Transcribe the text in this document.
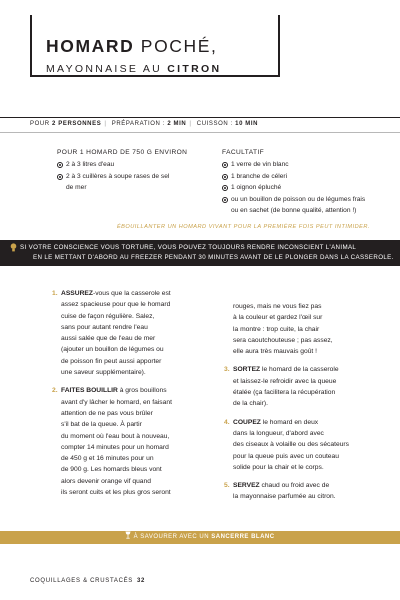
HOMARD POCHÉ,
MAYONNAISE AU CITRON
POUR 2 PERSONNES | PRÉPARATION : 2 MIN | CUISSON : 10 MIN
POUR 1 HOMARD DE 750 G ENVIRON
2 à 3 litres d'eau
2 à 3 cuillères à soupe rases de sel
de mer
FACULTATIF
1 verre de vin blanc
1 branche de céleri
1 oignon épluché
ou un bouillon de poisson ou de légumes frais
ou en sachet (de bonne qualité, attention !)
ÉBOUILLANTER UN HOMARD VIVANT POUR LA PREMIÈRE FOIS PEUT INTIMIDER.
SI VOTRE CONSCIENCE VOUS TORTURE, VOUS POUVEZ TOUJOURS RENDRE INCONSCIENT L'ANIMAL
EN LE METTANT D'ABORD AU FREEZER PENDANT 30 MINUTES AVANT DE LE PLONGER DANS LA CASSEROLE.
1. ASSUREZ-vous que la casserole est
assez spacieuse pour que le homard
cuise de façon régulière. Salez,
sans pour autant rendre l'eau
aussi salée que de l'eau de mer
(ajouter un bouillon de légumes ou
de poisson fin peut aussi apporter
une saveur supplémentaire).
2. FAITES BOUILLIR à gros bouillons
avant d'y lâcher le homard, en faisant
attention de ne pas vous brûler
s'il bat de la queue. À partir
du moment où l'eau bout à nouveau,
compter 14 minutes pour un homard
de 450 g et 16 minutes pour un
de 900 g. Les homards bleus vont
alors devenir orange vif quand
ils seront cuits et les plus gros seront
rouges, mais ne vous fiez pas
à la couleur et gardez l'œil sur
la montre : trop cuite, la chair
sera caoutchouteuse ; pas assez,
elle aura très mauvais goût !
3. SORTEZ le homard de la casserole
et laissez-le refroidir avec la queue
étalée (ça facilitera la récupération
de la chair).
4. COUPEZ le homard en deux
dans la longueur, d'abord avec
des ciseaux à volaille ou des sécateurs
pour la queue puis avec un couteau
solide pour la chair et le corps.
5. SERVEZ chaud ou froid avec de
la mayonnaise parfumée au citron.
À SAVOURER AVEC UN SANCERRE BLANC
COQUILLAGES & CRUSTACÉS 32
